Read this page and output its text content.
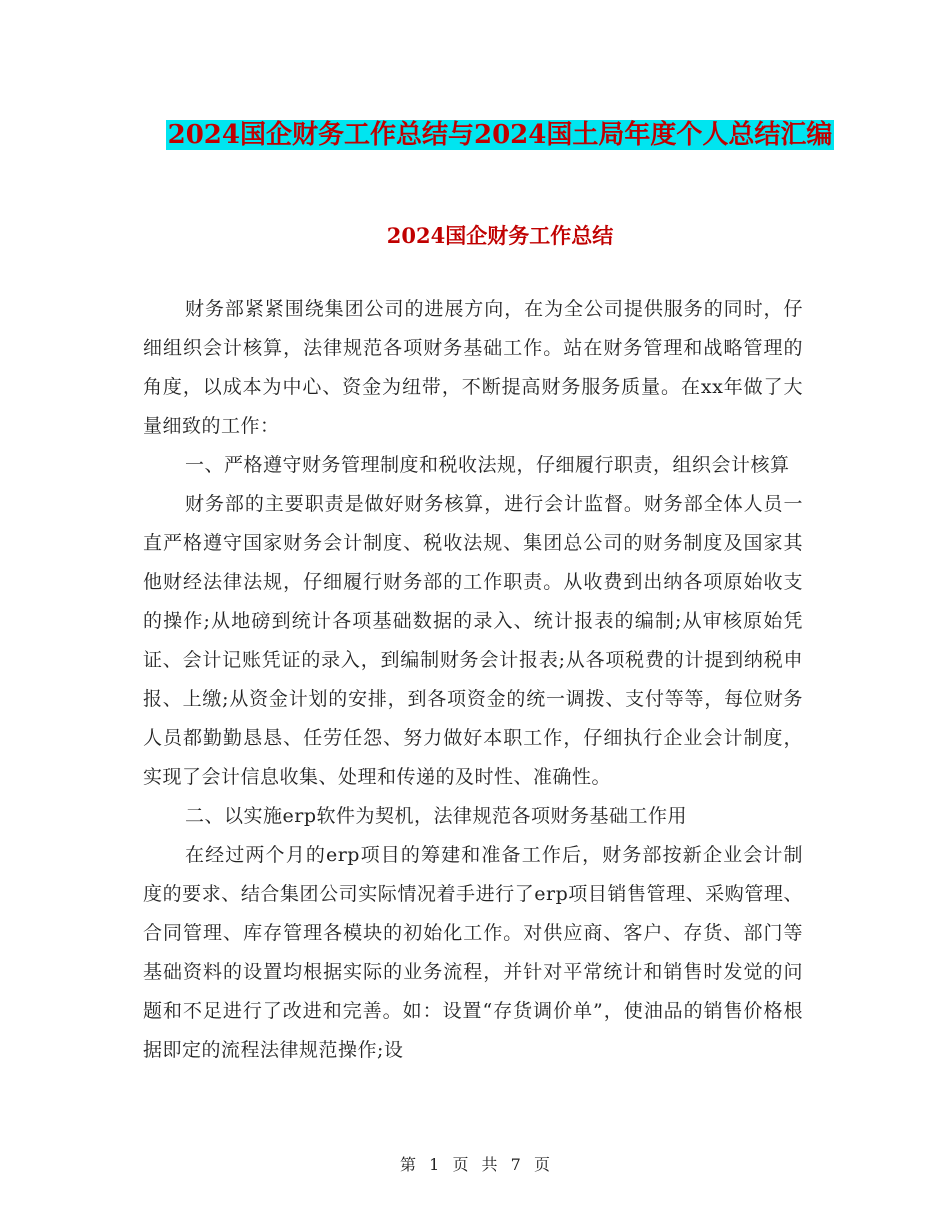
2024国企财务工作总结与2024国土局年度个人总结汇编
2024国企财务工作总结

财务部紧紧围绕集团公司的进展方向，在为全公司提供服务的同时，仔细组织会计核算，法律规范各项财务基础工作。站在财务管理和战略管理的角度，以成本为中心、资金为纽带，不断提高财务服务质量。在xx年做了大量细致的工作：

一、严格遵守财务管理制度和税收法规，仔细履行职责，组织会计核算

财务部的主要职责是做好财务核算，进行会计监督。财务部全体人员一直严格遵守国家财务会计制度、税收法规、集团总公司的财务制度及国家其他财经法律法规，仔细履行财务部的工作职责。从收费到出纳各项原始收支的操作;从地磅到统计各项基础数据的录入、统计报表的编制;从审核原始凭证、会计记账凭证的录入，到编制财务会计报表;从各项税费的计提到纳税申报、上缴;从资金计划的安排，到各项资金的统一调拨、支付等等，每位财务人员都勤勤恳恳、任劳任怨、努力做好本职工作，仔细执行企业会计制度，实现了会计信息收集、处理和传递的及时性、准确性。

二、以实施erp软件为契机，法律规范各项财务基础工作用

在经过两个月的erp项目的筹建和准备工作后，财务部按新企业会计制度的要求、结合集团公司实际情况着手进行了erp项目销售管理、采购管理、合同管理、库存管理各模块的初始化工作。对供应商、客户、存货、部门等基础资料的设置均根据实际的业务流程，并针对平常统计和销售时发觉的问题和不足进行了改进和完善。如：设置“存货调价单”，使油品的销售价格根据即定的流程法律规范操作;设

第 1 页 共 7 页
